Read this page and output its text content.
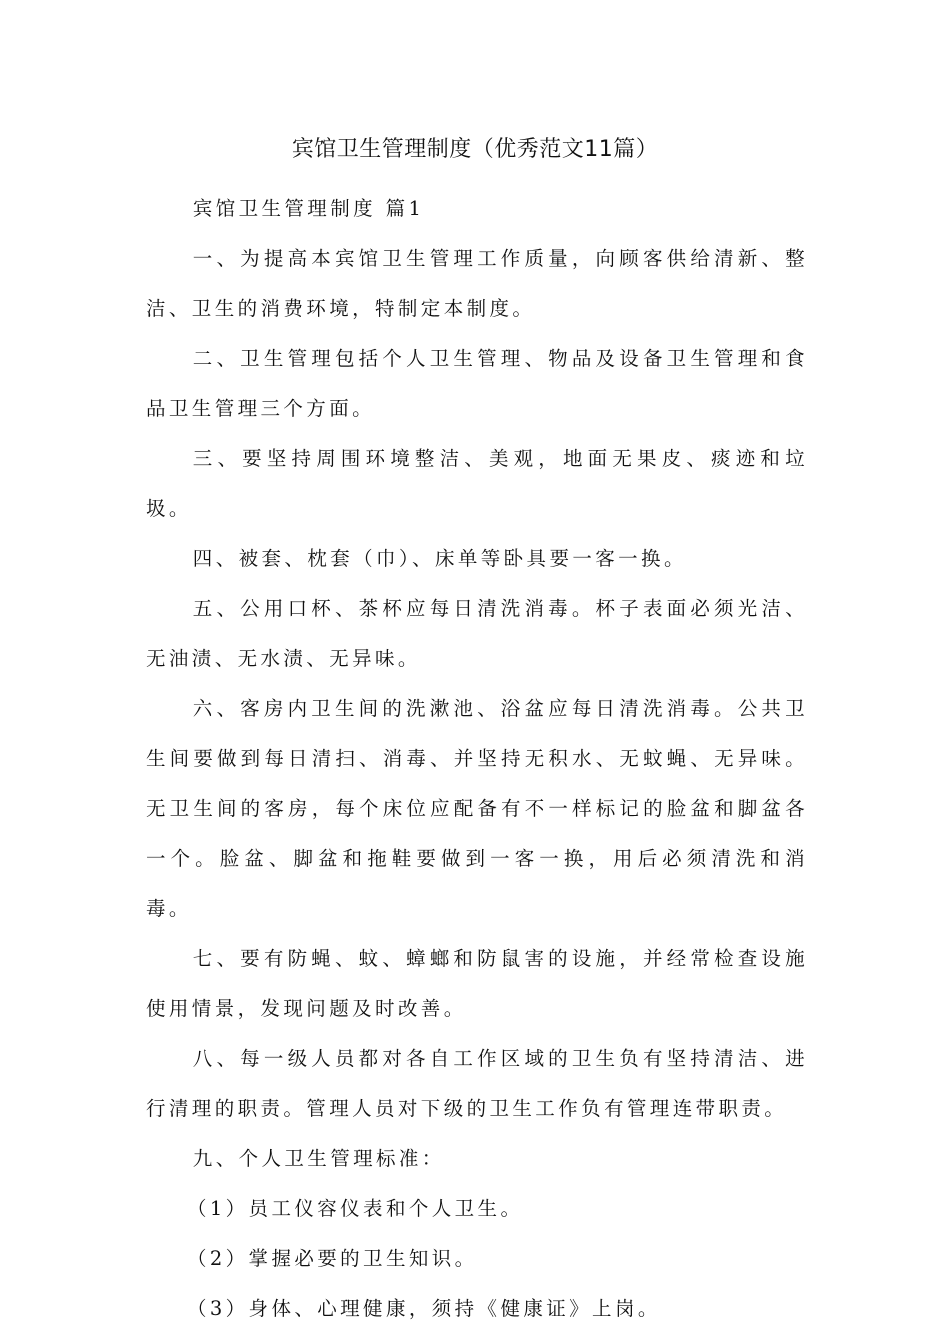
宾馆卫生管理制度（优秀范文11篇）

宾馆卫生管理制度 篇1

一、为提高本宾馆卫生管理工作质量，向顾客供给清新、整洁、卫生的消费环境，特制定本制度。

二、卫生管理包括个人卫生管理、物品及设备卫生管理和食品卫生管理三个方面。

三、要坚持周围环境整洁、美观，地面无果皮、痰迹和垃圾。

四、被套、枕套（巾）、床单等卧具要一客一换。

五、公用口杯、茶杯应每日清洗消毒。杯子表面必须光洁、无油渍、无水渍、无异味。

六、客房内卫生间的洗漱池、浴盆应每日清洗消毒。公共卫生间要做到每日清扫、消毒、并坚持无积水、无蚊蝇、无异味。无卫生间的客房，每个床位应配备有不一样标记的脸盆和脚盆各一个。脸盆、脚盆和拖鞋要做到一客一换，用后必须清洗和消毒。

七、要有防蝇、蚊、蟑螂和防鼠害的设施，并经常检查设施使用情景，发现问题及时改善。

八、每一级人员都对各自工作区域的卫生负有坚持清洁、进行清理的职责。管理人员对下级的卫生工作负有管理连带职责。

九、个人卫生管理标准：

（1）员工仪容仪表和个人卫生。

（2）掌握必要的卫生知识。

（3）身体、心理健康，须持《健康证》上岗。
